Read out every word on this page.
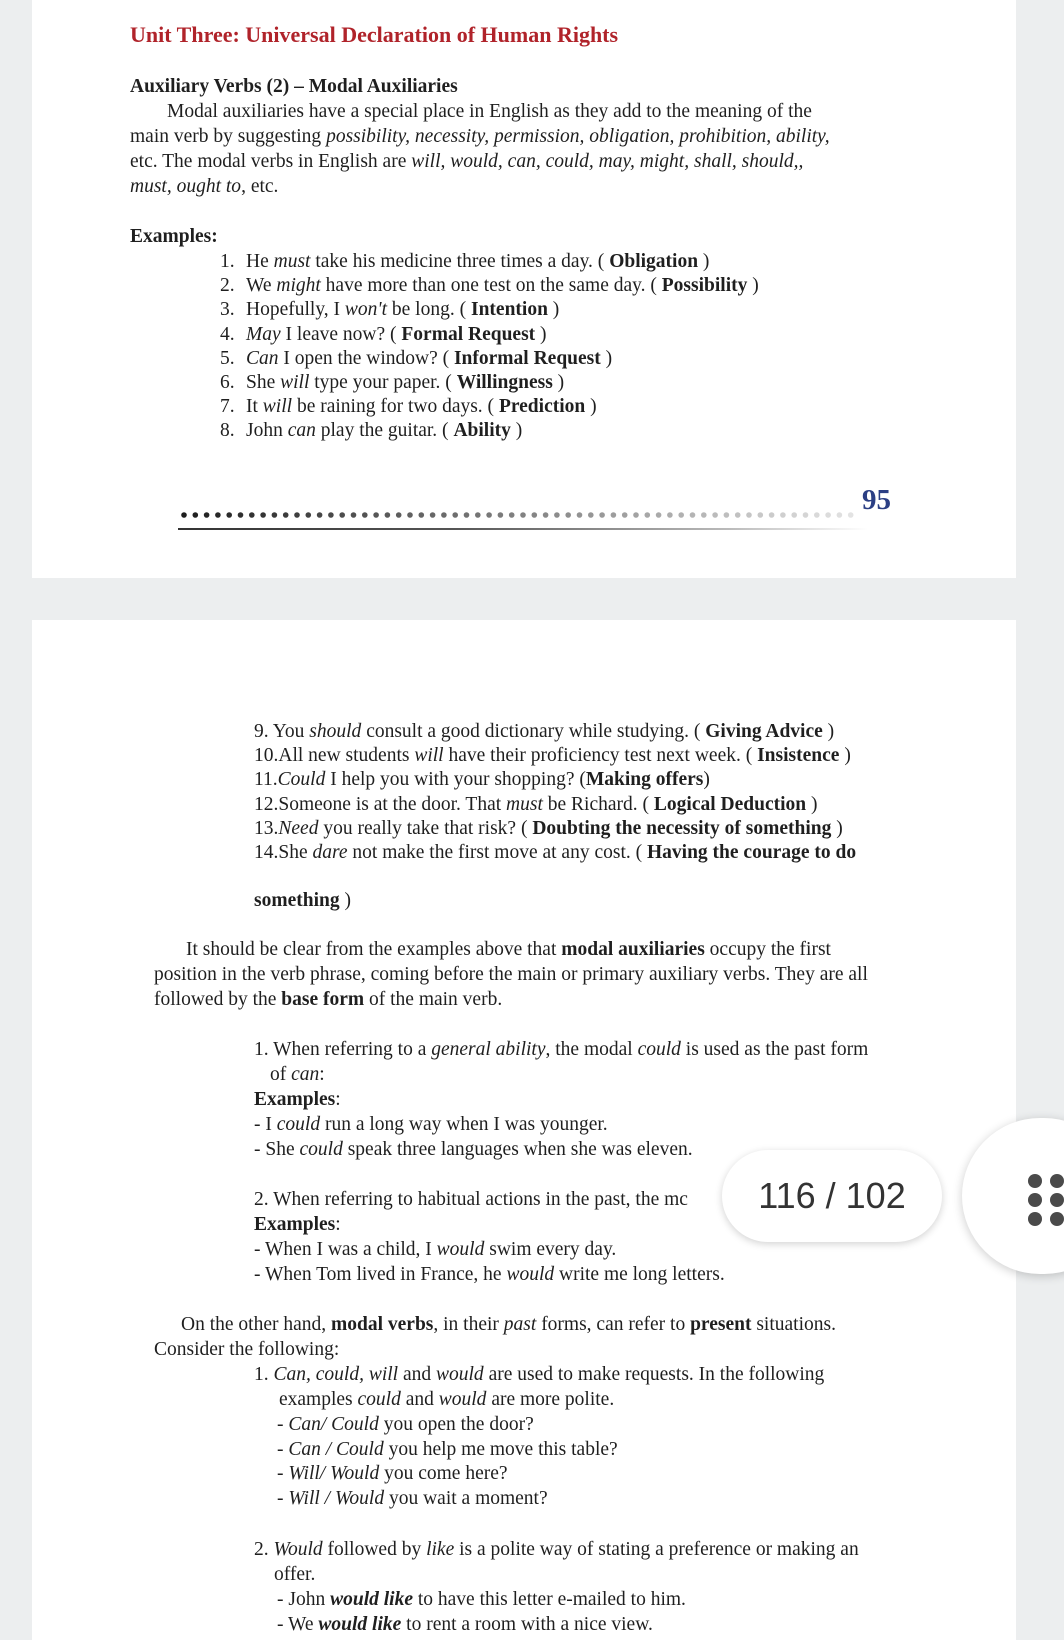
Unit Three: Universal Declaration of Human Rights
Auxiliary Verbs (2) – Modal Auxiliaries
Modal auxiliaries have a special place in English as they add to the meaning of the
main verb by suggesting possibility, necessity, permission, obligation, prohibition, ability,
etc. The modal verbs in English are will, would, can, could, may, might, shall, should,,
must, ought to, etc.
Examples:
1. He must take his medicine three times a day. ( Obligation )
2. We might have more than one test on the same day. ( Possibility )
3. Hopefully, I won't be long. ( Intention )
4. May I leave now? ( Formal Request )
5. Can I open the window? ( Informal Request )
6. She will type your paper. ( Willingness )
7. It will be raining for two days. ( Prediction )
8. John can play the guitar. ( Ability )
95
9. You should consult a good dictionary while studying. ( Giving Advice )
10.All new students will have their proficiency test next week. ( Insistence )
11.Could I help you with your shopping? (Making offers)
12.Someone is at the door. That must be Richard. ( Logical Deduction )
13.Need you really take that risk? ( Doubting the necessity of something )
14.She dare not make the first move at any cost. ( Having the courage to do
something )
It should be clear from the examples above that modal auxiliaries occupy the first
position in the verb phrase, coming before the main or primary auxiliary verbs. They are all
followed by the base form of the main verb.
1. When referring to a general ability, the modal could is used as the past form
of can:
Examples:
- I could run a long way when I was younger.
- She could speak three languages when she was eleven.
2. When referring to habitual actions in the past, the mc
Examples:
- When I was a child, I would swim every day.
- When Tom lived in France, he would write me long letters.
On the other hand, modal verbs, in their past forms, can refer to present situations.
Consider the following:
1. Can, could, will and would are used to make requests. In the following
examples could and would are more polite.
- Can/ Could you open the door?
- Can / Could you help me move this table?
- Will/ Would you come here?
- Will / Would you wait a moment?
2. Would followed by like is a polite way of stating a preference or making an
offer.
- John would like to have this letter e-mailed to him.
- We would like to rent a room with a nice view.
116 / 102
